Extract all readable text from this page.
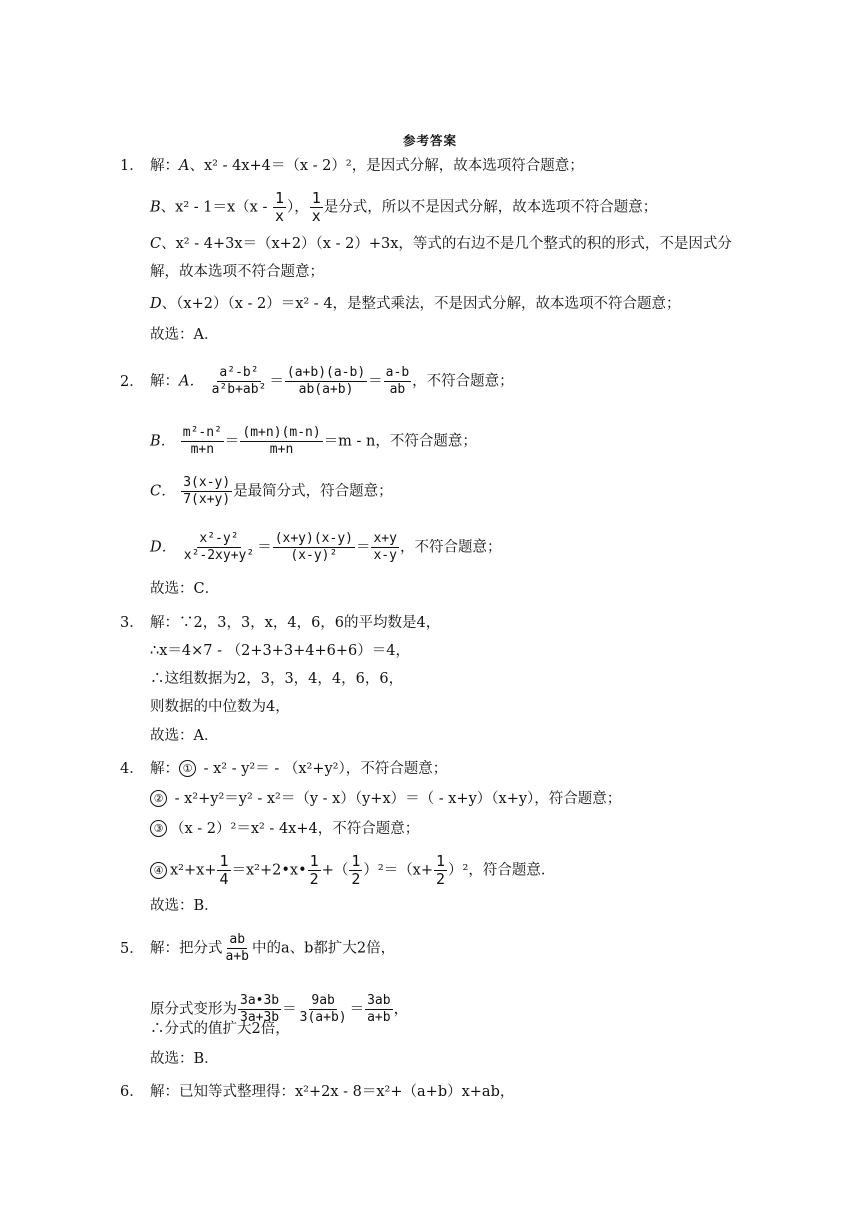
参考答案
1． 解：A、x² - 4x+4＝（x - 2）²，是因式分解，故本选项符合题意；
B、$x^2 - 1=x(x - \frac{1}{x}$ ）， $\frac{1}{x}$ 是分式，所以不是因式分解，故本选项不符合题意；
C、x² - 4+3x＝（x+2）（x - 2）+3x，等式的右边不是几个整式的积的形式，不是因式分
解，故本选项不符合题意；
D、（x+2）（x - 2）＝x² - 4，是整式乘法，不是因式分解，故本选项不符合题意；
故选：A．
2． 解：A． $\frac{\text{a²-b²}}{\text{a²b+ab²}} = \frac{(a+b)(a-b)}{ab(a+b)} = \frac{a-b}{ab}$ ，不符合题意；
B． $\frac{\text{m²-n²}}{m+n} = \frac{(m+n)(m-n)}{m+n} =m - n$，不符合题意；
C． $\frac{3(x-y)}{7(x+y)}$ 是最简分式，符合题意；
D． $\frac{\text{x²-y²}}{\text{x²-2xy+y²}} = \frac{(x+y)(x-y)}{\text{(x-y)²}} = \frac{x+y}{x-y}$ ，不符合题意；
故选：C．
3． 解：∵2，3，3，x，4，6，6的平均数是4，
∴x＝4×7 - （2+3+3+4+6+6）＝4，
∴这组数据为2，3，3，4，4，6，6，
则数据的中位数为4，
故选：A．
4． 解： ① - x² - y²＝ - （x²+y²），不符合题意；
② - x²+y²＝y² - x²＝（y - x）（y+x）＝（ - x+y）（x+y），符合题意；
③ （x - 2）²＝x² - 4x+4，不符合题意；
④ $x^2+x+ \frac{1}{4}$ ＝x²+2•x• $\frac{1}{2}$ +（ $\frac{1}{2} )^2=(x+ \frac{1}{2} )^2$，符合题意．
故选：B．
5． 解：把分式 $\frac{ab}{a+b}$ 中的a、b都扩大2倍，
原分式变形为 $\frac{3a•3b}{3a+3b} = \frac{9ab}{3(a+b)} = \frac{3ab}{a+b}$ ，
∴分式的值扩大2倍，
故选：B．
6． 解：已知等式整理得：x²+2x - 8＝x²+（a+b）x+ab，
